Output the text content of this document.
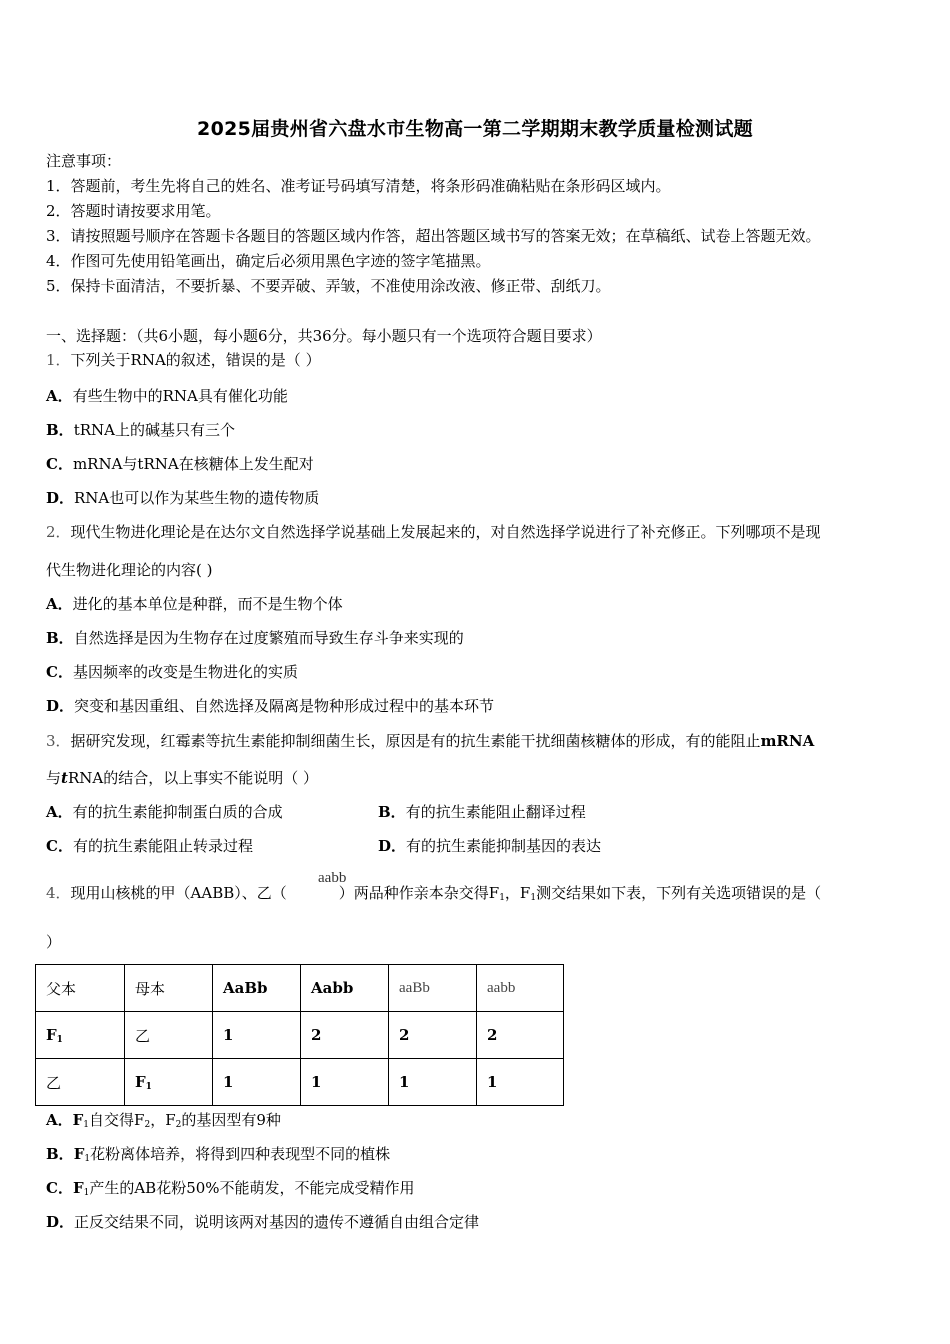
2025届贵州省六盘水市生物高一第二学期期末教学质量检测试题
注意事项：
1．答题前，考生先将自己的姓名、准考证号码填写清楚，将条形码准确粘贴在条形码区域内。
2．答题时请按要求用笔。
3．请按照题号顺序在答题卡各题目的答题区域内作答，超出答题区域书写的答案无效；在草稿纸、试卷上答题无效。
4．作图可先使用铅笔画出，确定后必须用黑色字迹的签字笔描黑。
5．保持卡面清洁，不要折暴、不要弄破、弄皱，不准使用涂改液、修正带、刮纸刀。
一、选择题：（共6小题，每小题6分，共36分。每小题只有一个选项符合题目要求）
1．下列关于RNA的叙述，错误的是（ ）
A．有些生物中的RNA具有催化功能
B．tRNA上的碱基只有三个
C．mRNA与tRNA在核糖体上发生配对
D．RNA也可以作为某些生物的遗传物质
2．现代生物进化理论是在达尔文自然选择学说基础上发展起来的，对自然选择学说进行了补充修正。下列哪项不是现
代生物进化理论的内容( )
A．进化的基本单位是种群，而不是生物个体
B．自然选择是因为生物存在过度繁殖而导致生存斗争来实现的
C．基因频率的改变是生物进化的实质
D．突变和基因重组、自然选择及隔离是物种形成过程中的基本环节
3．据研究发现，红霉素等抗生素能抑制细菌生长，原因是有的抗生素能干扰细菌核糖体的形成，有的能阻止mRNA
与tRNA的结合，以上事实不能说明（ ）
A．有的抗生素能抑制蛋白质的合成	B．有的抗生素能阻止翻译过程
C．有的抗生素能阻止转录过程	D．有的抗生素能抑制基因的表达
4．现用山核桃的甲（AABB）、乙（	）两品种作亲本杂交得$F_1$，$F_1$测交结果如下表，下列有关选项错误的是（
aabb
）
父本	母本	AaBb	Aabb	aaBb	aabb
$F_1$	乙	1	2	2	2
乙	$F_1$	1	1	1	1
A．$F_1$自交得$F_2$，$F_2$的基因型有9种
B．$F_1$花粉离体培养，将得到四种表现型不同的植株
C．$F_1$产生的AB花粉50%不能萌发，不能完成受精作用
D．正反交结果不同，说明该两对基因的遗传不遵循自由组合定律
